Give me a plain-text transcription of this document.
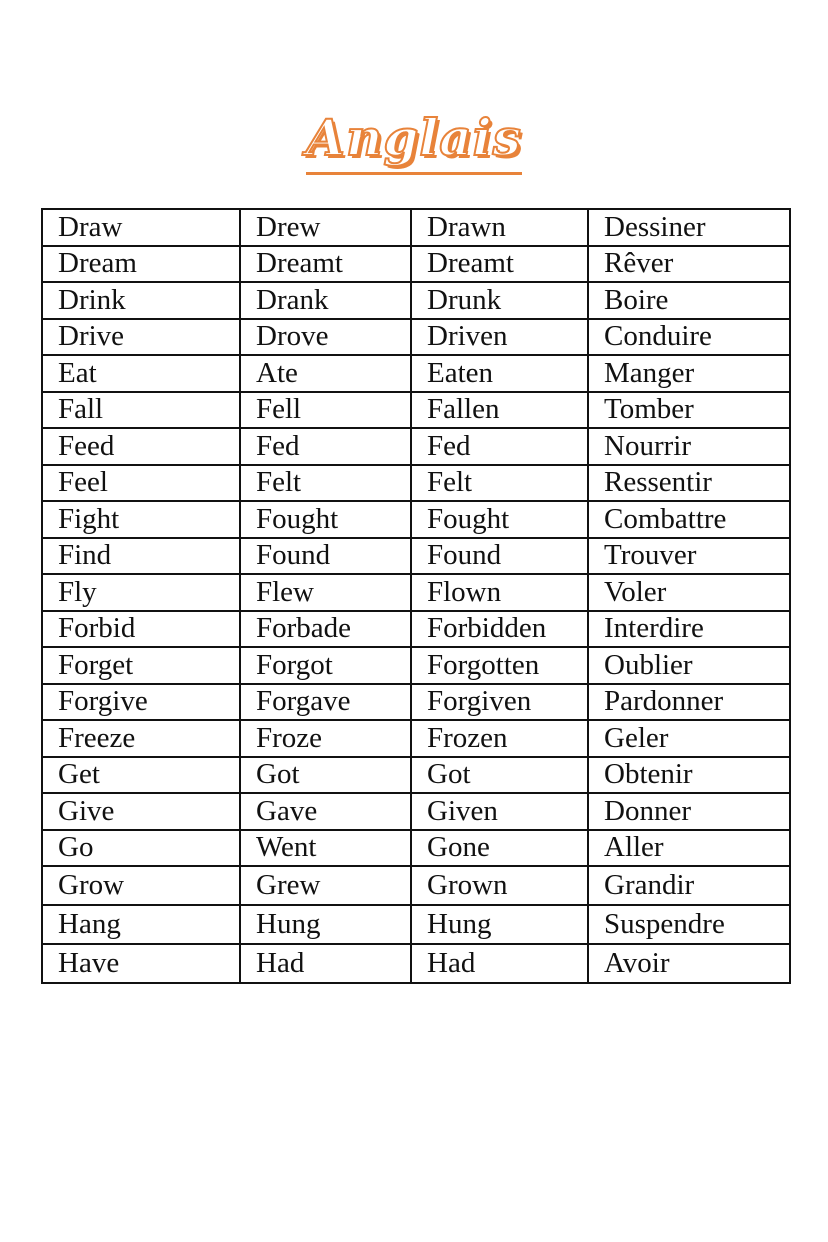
Anglais
Draw	Drew	Drawn	Dessiner
Dream	Dreamt	Dreamt	Rêver
Drink	Drank	Drunk	Boire
Drive	Drove	Driven	Conduire
Eat	Ate	Eaten	Manger
Fall	Fell	Fallen	Tomber
Feed	Fed	Fed	Nourrir
Feel	Felt	Felt	Ressentir
Fight	Fought	Fought	Combattre
Find	Found	Found	Trouver
Fly	Flew	Flown	Voler
Forbid	Forbade	Forbidden	Interdire
Forget	Forgot	Forgotten	Oublier
Forgive	Forgave	Forgiven	Pardonner
Freeze	Froze	Frozen	Geler
Get	Got	Got	Obtenir
Give	Gave	Given	Donner
Go	Went	Gone	Aller
Grow	Grew	Grown	Grandir
Hang	Hung	Hung	Suspendre
Have	Had	Had	Avoir
